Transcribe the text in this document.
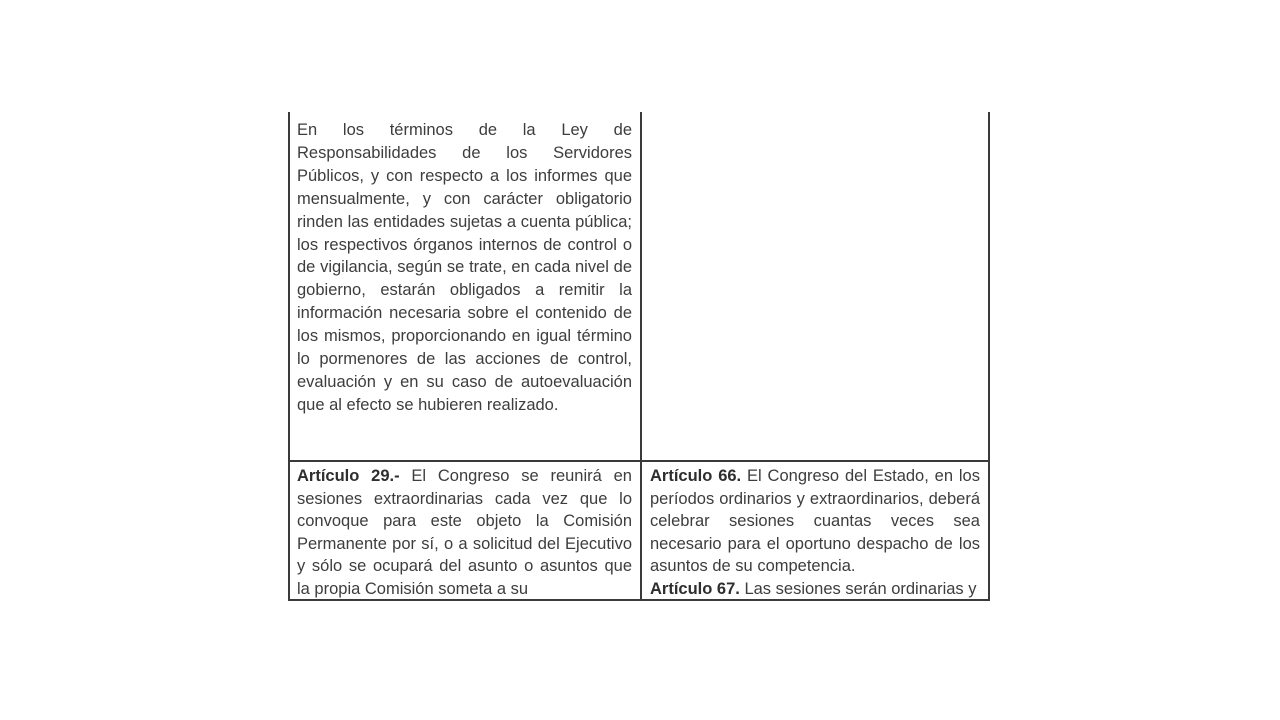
En los términos de la Ley de Responsabilidades de los Servidores Públicos, y con respecto a los informes que mensualmente, y con carácter obligatorio rinden las entidades sujetas a cuenta pública; los respectivos órganos internos de control o de vigilancia, según se trate, en cada nivel de gobierno, estarán obligados a remitir la información necesaria sobre el contenido de los mismos, proporcionando en igual término lo pormenores de las acciones de control, evaluación y en su caso de autoevaluación que al efecto se hubieren realizado.

Artículo 29.- El Congreso se reunirá en sesiones extraordinarias cada vez que lo convoque para este objeto la Comisión Permanente por sí, o a solicitud del Ejecutivo y sólo se ocupará del asunto o asuntos que la propia Comisión someta a su

Artículo 66. El Congreso del Estado, en los períodos ordinarios y extraordinarios, deberá celebrar sesiones cuantas veces sea necesario para el oportuno despacho de los asuntos de su competencia.

Artículo 67. Las sesiones serán ordinarias y
